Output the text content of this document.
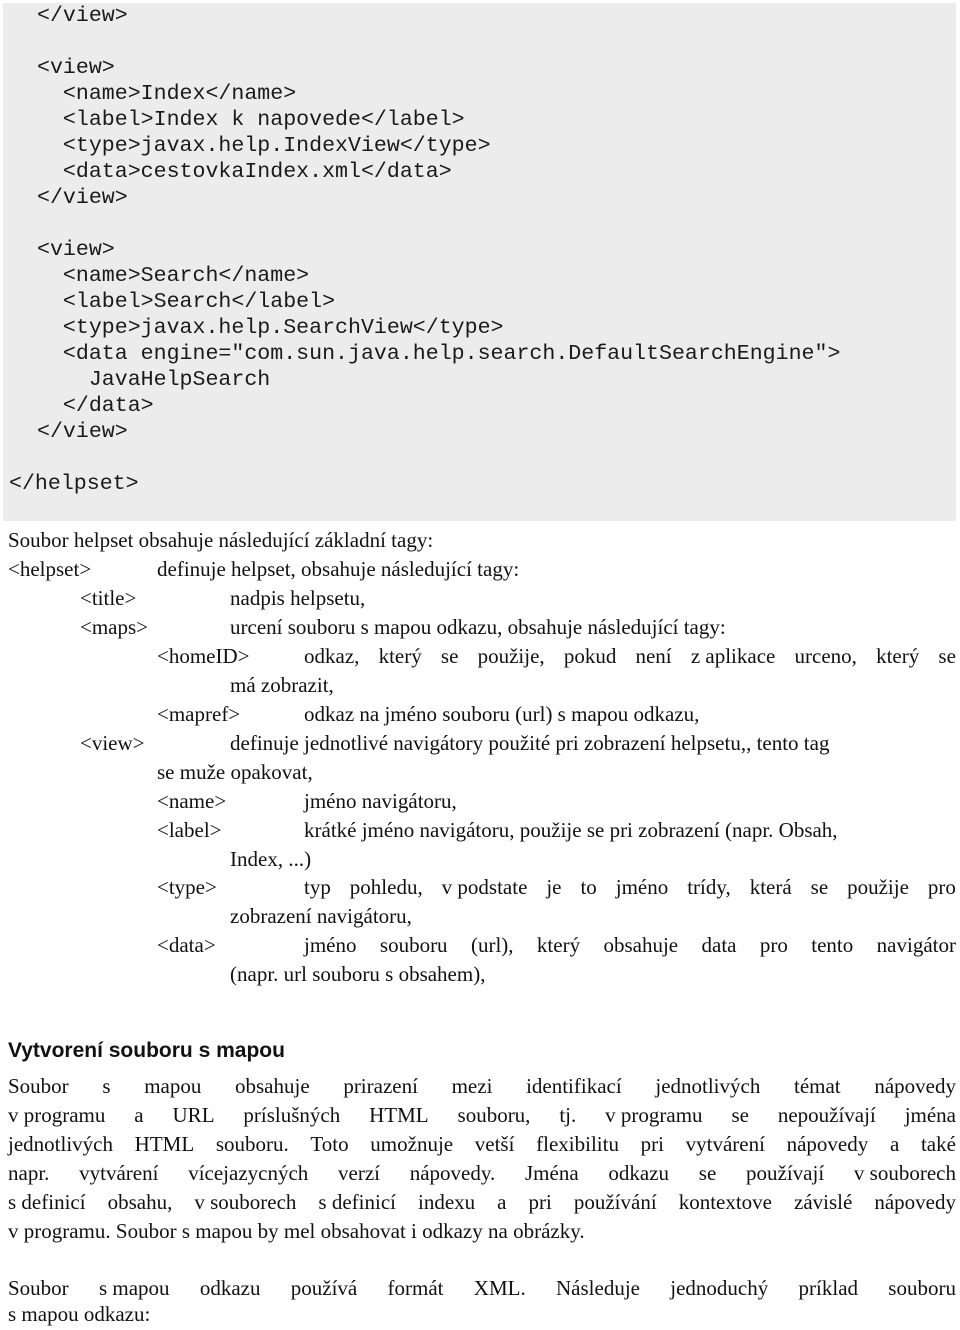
</view>
<view>
<name>Index</name>
<label>Index k napovede</label>
<type>javax.help.IndexView</type>
<data>cestovkaIndex.xml</data>
</view>
<view>
<name>Search</name>
<label>Search</label>
<type>javax.help.SearchView</type>
<data engine="com.sun.java.help.search.DefaultSearchEngine">
JavaHelpSearch
</data>
</view>
</helpset>
Soubor helpset obsahuje následující základní tagy:
<helpset>	definuje helpset, obsahuje následující tagy:
<title>	nadpis helpsetu,
<maps>	urcení souboru s mapou odkazu, obsahuje následující tagy:
<homeID>	odkaz, který se použije, pokud není z aplikace urceno, který se
má zobrazit,
<mapref>	odkaz na jméno souboru (url) s mapou odkazu,
<view>	definuje jednotlivé navigátory použité pri zobrazení helpsetu,, tento tag
se muže opakovat,
<name>	jméno navigátoru,
<label>	krátké jméno navigátoru, použije se pri zobrazení (napr. Obsah,
Index, ...)
<type>	typ pohledu, v podstate je to jméno trídy, která se použije pro
zobrazení navigátoru,
<data>	jméno souboru (url), který obsahuje data pro tento navigátor
(napr. url souboru s obsahem),
Vytvorení souboru s mapou
Soubor s mapou obsahuje prirazení mezi identifikací jednotlivých témat nápovedy
v programu a URL príslušných HTML souboru, tj. v programu se nepoužívají jména
jednotlivých HTML souboru. Toto umožnuje vetší flexibilitu pri vytvárení nápovedy a také
napr. vytvárení vícejazycných verzí nápovedy. Jména odkazu se používají v souborech
s definicí obsahu, v souborech s definicí indexu a pri používání kontextove závislé nápovedy
v programu. Soubor s mapou by mel obsahovat i odkazy na obrázky.
Soubor s mapou odkazu používá formát XML. Následuje jednoduchý príklad souboru
s mapou odkazu:
